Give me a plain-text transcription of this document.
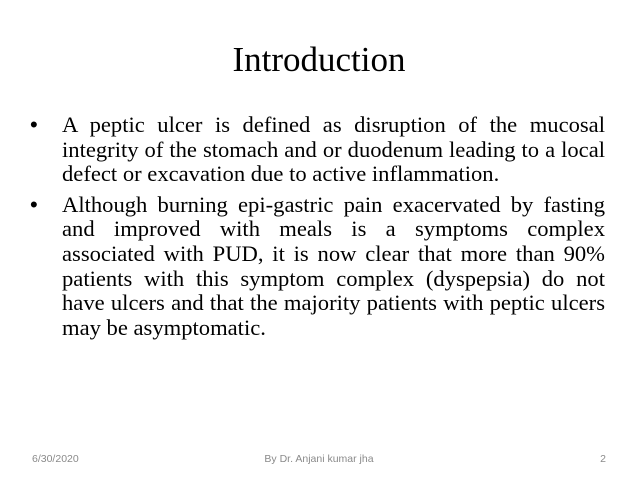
Introduction
•	A peptic ulcer is defined as disruption of the mucosal integrity of the stomach and or duodenum leading to a local defect or excavation due to active inflammation.
•	Although burning epi-gastric pain exacervated by fasting and improved with meals is a symptoms complex associated with PUD, it is now clear that more than 90% patients with this symptom complex (dyspepsia) do not have ulcers and that the majority patients with peptic ulcers may be asymptomatic.
By Dr. Anjani kumar jha
6/30/2020	2
